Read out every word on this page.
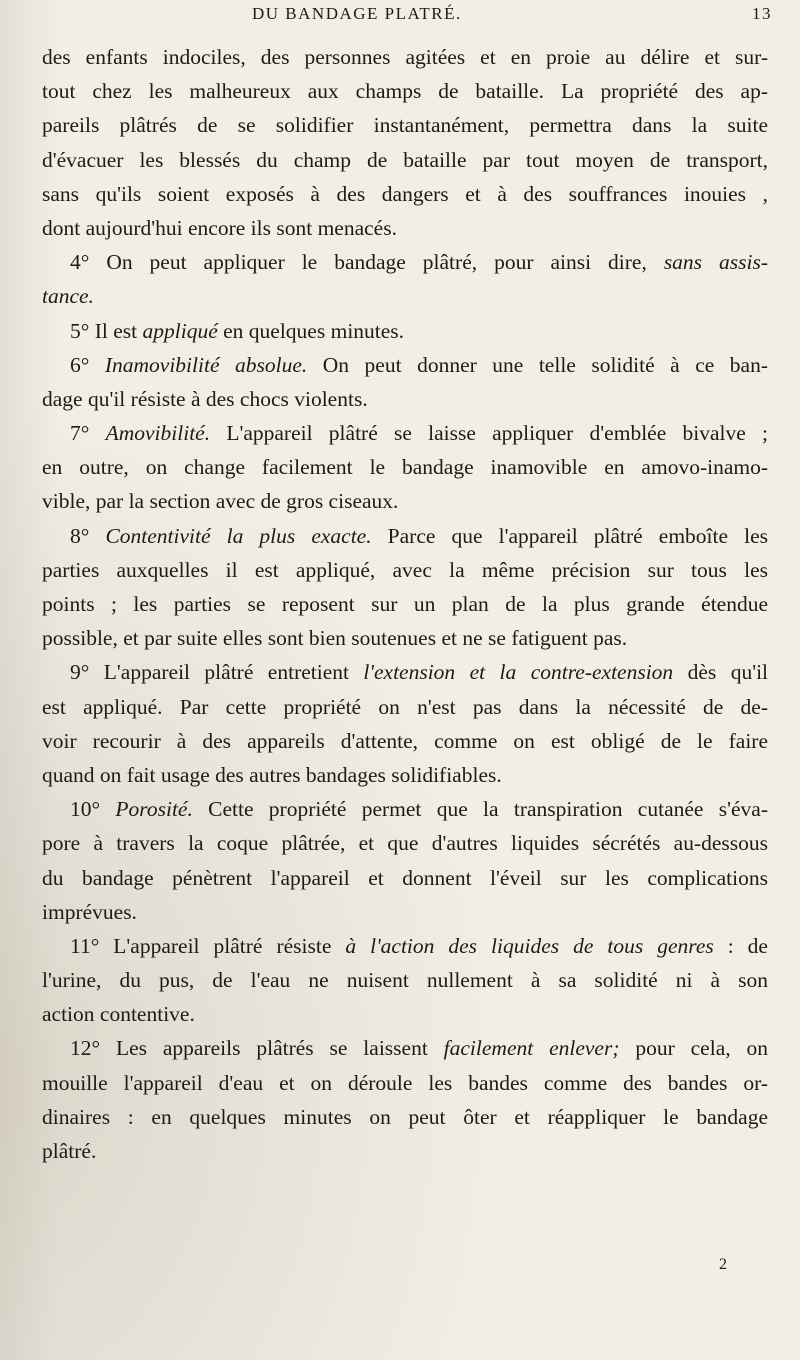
DU BANDAGE PLATRÉ.	13
des enfants indociles, des personnes agitées et en proie au délire et sur-
tout chez les malheureux aux champs de bataille. La propriété des ap-
pareils plâtrés de se solidifier instantanément, permettra dans la suite
d'évacuer les blessés du champ de bataille par tout moyen de transport,
sans qu'ils soient exposés à des dangers et à des souffrances inouies ,
dont aujourd'hui encore ils sont menacés.
4° On peut appliquer le bandage plâtré, pour ainsi dire, sans assis-
tance.
5° Il est appliqué en quelques minutes.
6° Inamovibilité absolue. On peut donner une telle solidité à ce ban-
dage qu'il résiste à des chocs violents.
7° Amovibilité. L'appareil plâtré se laisse appliquer d'emblée bivalve ;
en outre, on change facilement le bandage inamovible en amovo-inamo-
vible, par la section avec de gros ciseaux.
8° Contentivité la plus exacte. Parce que l'appareil plâtré emboîte les
parties auxquelles il est appliqué, avec la même précision sur tous les
points ; les parties se reposent sur un plan de la plus grande étendue
possible, et par suite elles sont bien soutenues et ne se fatiguent pas.
9° L'appareil plâtré entretient l'extension et la contre-extension dès qu'il
est appliqué. Par cette propriété on n'est pas dans la nécessité de de-
voir recourir à des appareils d'attente, comme on est obligé de le faire
quand on fait usage des autres bandages solidifiables.
10° Porosité. Cette propriété permet que la transpiration cutanée s'éva-
pore à travers la coque plâtrée, et que d'autres liquides sécrétés au-dessous
du bandage pénètrent l'appareil et donnent l'éveil sur les complications
imprévues.
11° L'appareil plâtré résiste à l'action des liquides de tous genres : de
l'urine, du pus, de l'eau ne nuisent nullement à sa solidité ni à son
action contentive.
12° Les appareils plâtrés se laissent facilement enlever; pour cela, on
mouille l'appareil d'eau et on déroule les bandes comme des bandes or-
dinaires : en quelques minutes on peut ôter et réappliquer le bandage
plâtré.
2
